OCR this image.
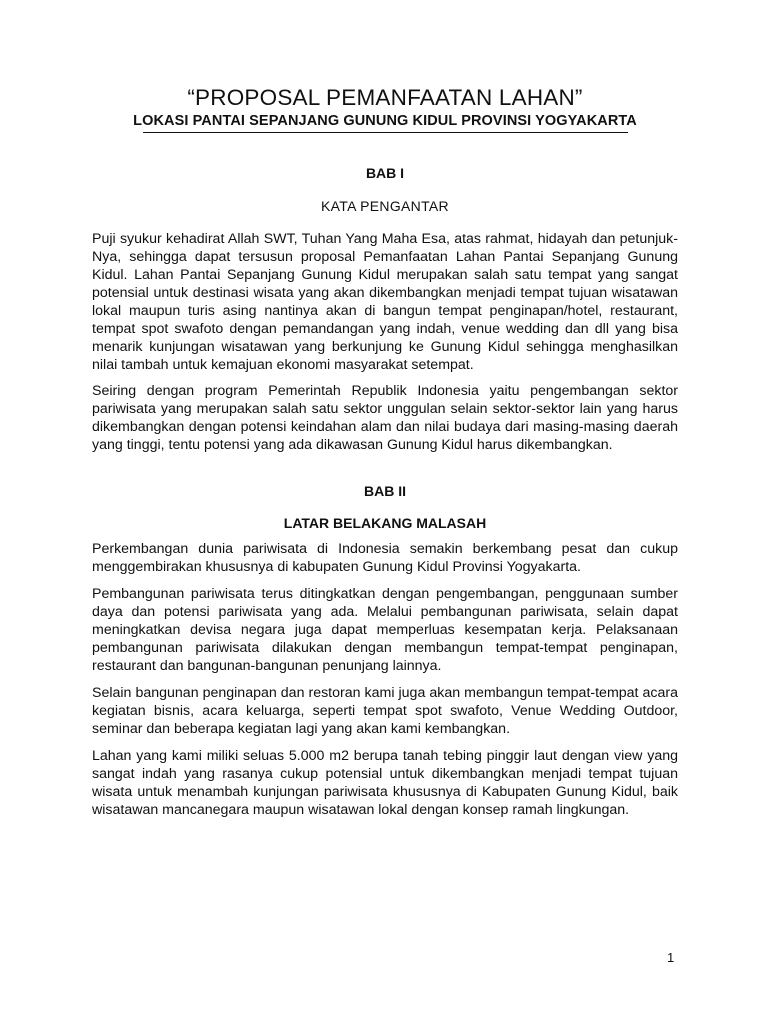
“PROPOSAL PEMANFAATAN LAHAN”
LOKASI PANTAI SEPANJANG GUNUNG KIDUL PROVINSI YOGYAKARTA
BAB I
KATA PENGANTAR

Puji syukur kehadirat Allah SWT, Tuhan Yang Maha Esa, atas rahmat, hidayah dan petunjuk-Nya, sehingga dapat tersusun proposal Pemanfaatan Lahan Pantai Sepanjang Gunung Kidul. Lahan Pantai Sepanjang Gunung Kidul merupakan salah satu tempat yang sangat potensial untuk destinasi wisata yang akan dikembangkan menjadi tempat tujuan wisatawan lokal maupun turis asing nantinya akan di bangun tempat penginapan/hotel, restaurant, tempat spot swafoto dengan pemandangan yang indah, venue wedding dan dll yang bisa menarik kunjungan wisatawan yang berkunjung ke Gunung Kidul sehingga menghasilkan nilai tambah untuk kemajuan ekonomi masyarakat setempat.

Seiring dengan program Pemerintah Republik Indonesia yaitu pengembangan sektor pariwisata yang merupakan salah satu sektor unggulan selain sektor-sektor lain yang harus dikembangkan dengan potensi keindahan alam dan nilai budaya dari masing-masing daerah yang tinggi, tentu potensi yang ada dikawasan Gunung Kidul harus dikembangkan.

BAB II
LATAR BELAKANG MALASAH

Perkembangan dunia pariwisata di Indonesia semakin berkembang pesat dan cukup menggembirakan khususnya di kabupaten Gunung Kidul Provinsi Yogyakarta.

Pembangunan pariwisata terus ditingkatkan dengan pengembangan, penggunaan sumber daya dan potensi pariwisata yang ada. Melalui pembangunan pariwisata, selain dapat meningkatkan devisa negara juga dapat memperluas kesempatan kerja. Pelaksanaan pembangunan pariwisata dilakukan dengan membangun tempat-tempat penginapan, restaurant dan bangunan-bangunan penunjang lainnya.

Selain bangunan penginapan dan restoran kami juga akan membangun tempat-tempat acara kegiatan bisnis, acara keluarga, seperti tempat spot swafoto, Venue Wedding Outdoor, seminar dan beberapa kegiatan lagi yang akan kami kembangkan.

Lahan yang kami miliki seluas 5.000 m2 berupa tanah tebing pinggir laut dengan view yang sangat indah yang rasanya cukup potensial untuk dikembangkan menjadi tempat tujuan wisata untuk menambah kunjungan pariwisata khususnya di Kabupaten Gunung Kidul, baik wisatawan mancanegara maupun wisatawan lokal dengan konsep ramah lingkungan.

1
